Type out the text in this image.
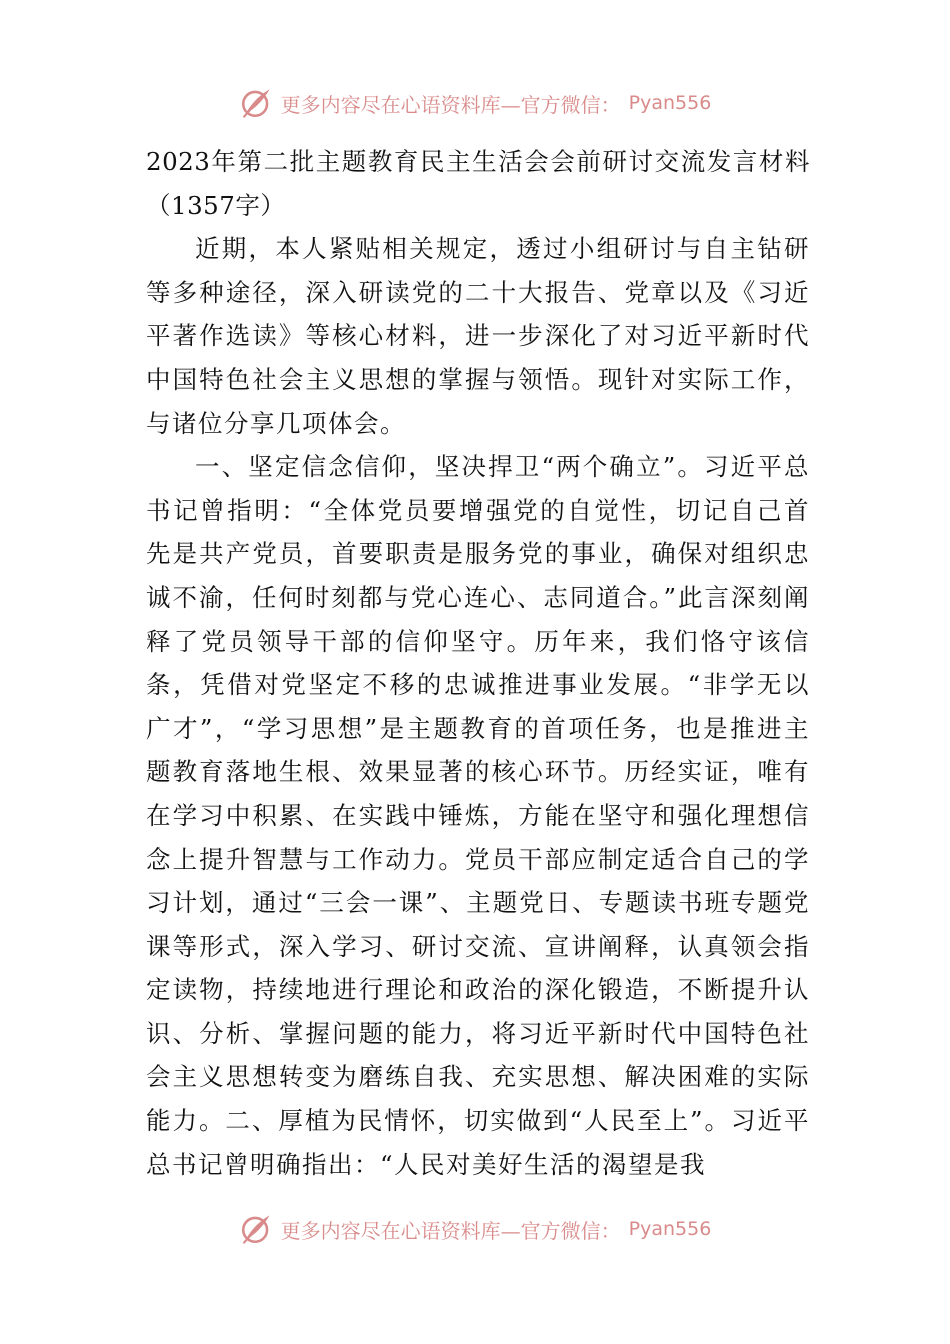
更多内容尽在心语资料库—官方微信： Pyan556
2023年第二批主题教育民主生活会会前研讨交流发言材料（1357字）

近期，本人紧贴相关规定，透过小组研讨与自主钻研等多种途径，深入研读党的二十大报告、党章以及《习近平著作选读》等核心材料，进一步深化了对习近平新时代中国特色社会主义思想的掌握与领悟。现针对实际工作，与诸位分享几项体会。

一、坚定信念信仰，坚决捍卫“两个确立”。习近平总书记曾指明：“全体党员要增强党的自觉性，切记自己首先是共产党员，首要职责是服务党的事业，确保对组织忠诚不渝，任何时刻都与党心连心、志同道合。”此言深刻阐释了党员领导干部的信仰坚守。历年来，我们恪守该信条，凭借对党坚定不移的忠诚推进事业发展。“非学无以广才”，“学习思想”是主题教育的首项任务，也是推进主题教育落地生根、效果显著的核心环节。历经实证，唯有在学习中积累、在实践中锤炼，方能在坚守和强化理想信念上提升智慧与工作动力。党员干部应制定适合自己的学习计划，通过“三会一课”、主题党日、专题读书班专题党课等形式，深入学习、研讨交流、宣讲阐释，认真领会指定读物，持续地进行理论和政治的深化锻造，不断提升认识、分析、掌握问题的能力，将习近平新时代中国特色社会主义思想转变为磨练自我、充实思想、解决困难的实际能力。二、厚植为民情怀，切实做到“人民至上”。习近平总书记曾明确指出：“人民对美好生活的渴望是我

更多内容尽在心语资料库—官方微信： Pyan556
